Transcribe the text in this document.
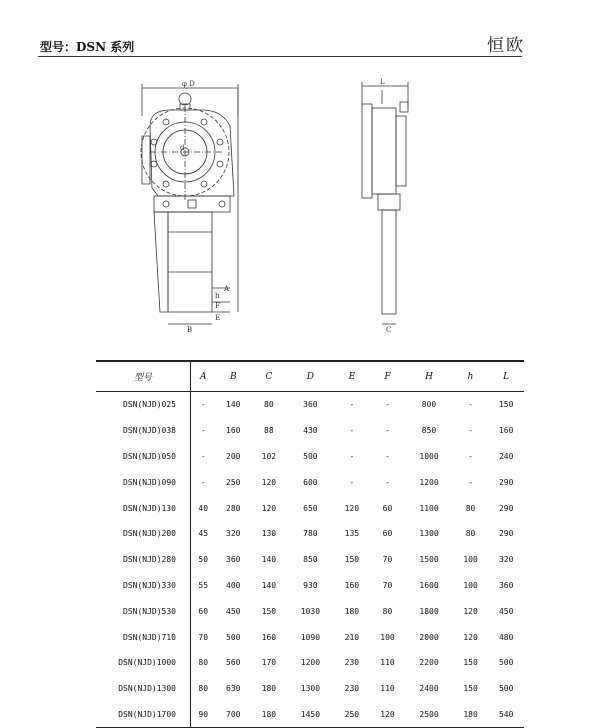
型号：DSN 系列	恒欧
φ D
d
A
B
E
F
h
L
C
型号	A	B	C	D	E	F	H	h	L
DSN(NJD)025	-	140	80	360	-	-	800	-	150
DSN(NJD)038	-	160	88	430	-	-	850	-	160
DSN(NJD)050	-	200	102	500	-	-	1000	-	240
DSN(NJD)090	-	250	120	600	-	-	1200	-	290
DSN(NJD)130	40	280	120	650	120	60	1100	80	290
DSN(NJD)200	45	320	130	780	135	60	1300	80	290
DSN(NJD)280	50	360	140	850	150	70	1500	100	320
DSN(NJD)330	55	400	140	930	160	70	1600	100	360
DSN(NJD)530	60	450	150	1030	180	80	1800	120	450
DSN(NJD)710	70	500	160	1090	210	100	2000	120	480
DSN(NJD)1000	80	560	170	1200	230	110	2200	150	500
DSN(NJD)1300	80	630	180	1300	230	110	2400	150	500
DSN(NJD)1700	90	700	180	1450	250	120	2500	180	540
